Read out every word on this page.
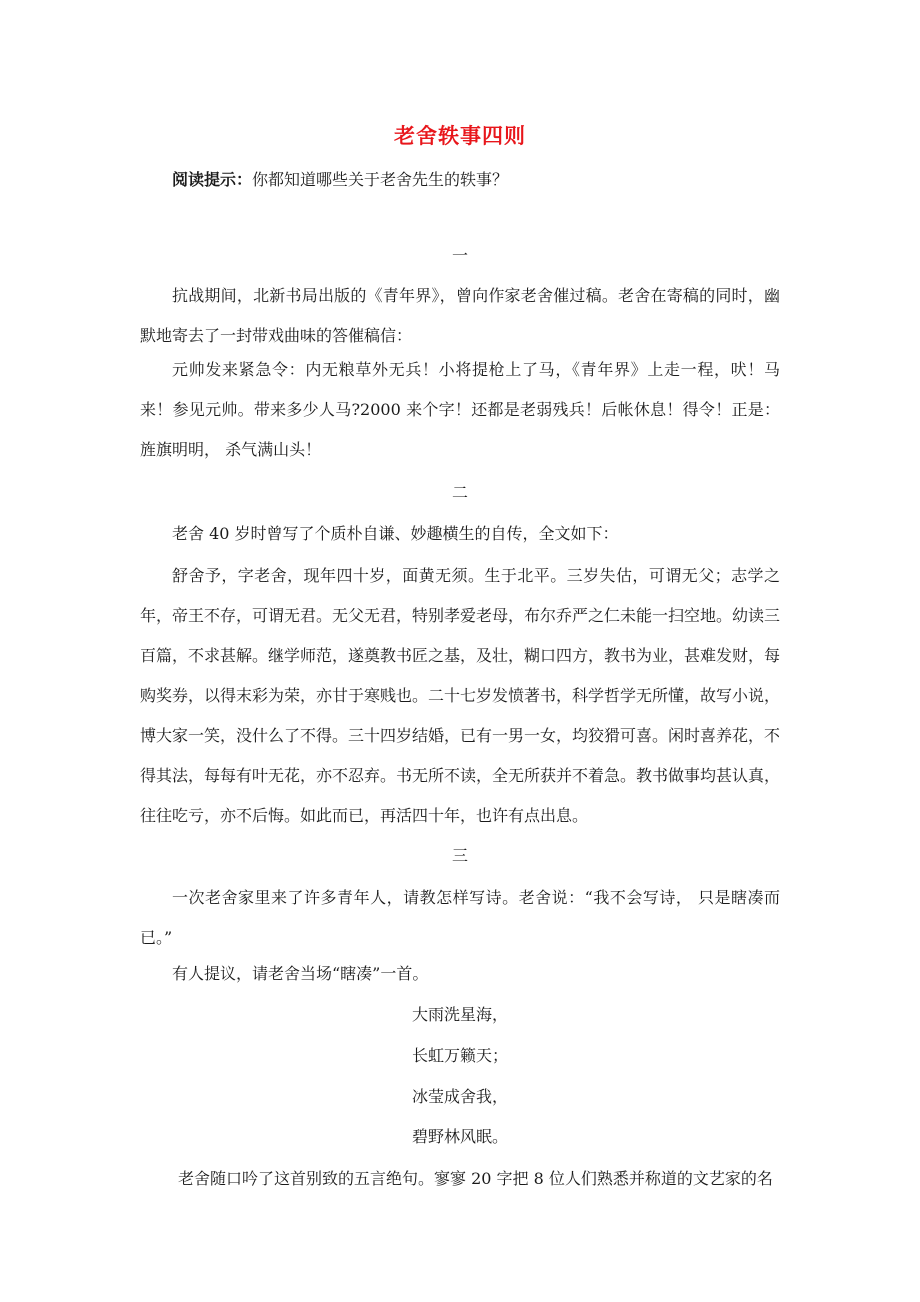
老舍轶事四则
阅读提示：你都知道哪些关于老舍先生的轶事？
一

抗战期间，北新书局出版的《青年界》，曾向作家老舍催过稿。老舍在寄稿的同时，幽默地寄去了一封带戏曲味的答催稿信：

元帅发来紧急令：内无粮草外无兵！小将提枪上了马，《青年界》上走一程，吠！马来！参见元帅。带来多少人马?2000 来个字！还都是老弱残兵！后帐休息！得令！正是： 旌旗明明， 杀气满山头！

二

老舍 40 岁时曾写了个质朴自谦、妙趣横生的自传，全文如下：

舒舍予，字老舍，现年四十岁，面黄无须。生于北平。三岁失估，可谓无父；志学之年，帝王不存，可谓无君。无父无君，特别孝爱老母，布尔乔严之仁未能一扫空地。幼读三百篇，不求甚解。继学师范，遂奠教书匠之基，及壮，糊口四方，教书为业，甚难发财，每购奖券，以得末彩为荣，亦甘于寒贱也。二十七岁发愤著书，科学哲学无所懂，故写小说，博大家一笑，没什么了不得。三十四岁结婚，已有一男一女，均狡猾可喜。闲时喜养花，不得其法，每每有叶无花，亦不忍弃。书无所不读，全无所获并不着急。教书做事均甚认真，往往吃亏，亦不后悔。如此而已，再活四十年，也许有点出息。

三

一次老舍家里来了许多青年人，请教怎样写诗。老舍说：“我不会写诗， 只是瞎凑而已。”

有人提议，请老舍当场“瞎凑”一首。

大雨洗星海，
长虹万籁天；
冰莹成舍我，
碧野林风眠。

老舍随口吟了这首别致的五言绝句。寥寥 20 字把 8 位人们熟悉并称道的文艺家的名
